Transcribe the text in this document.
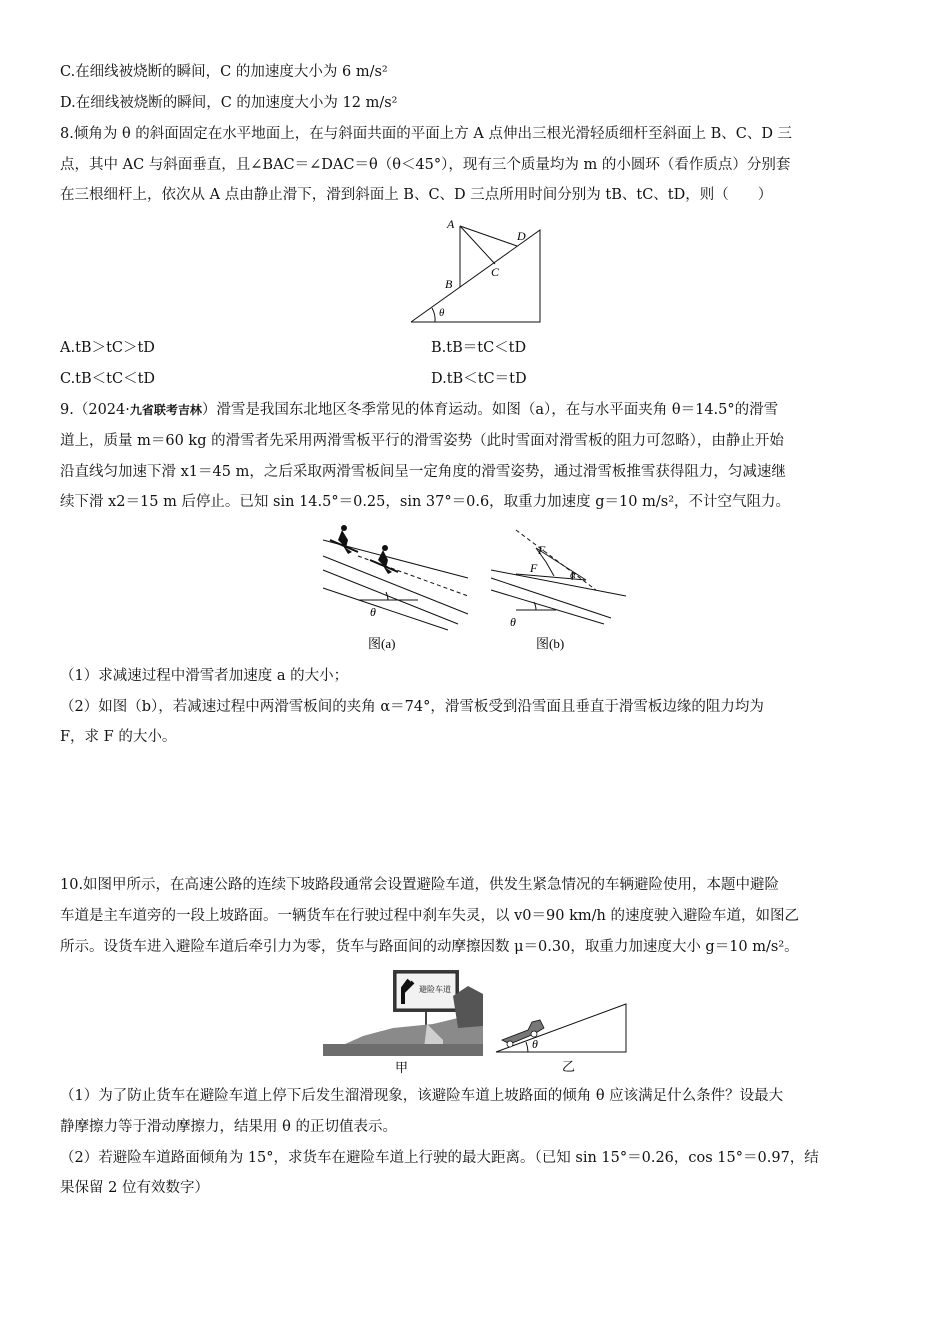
C.在细线被烧断的瞬间，C 的加速度大小为 6 m/s²
D.在细线被烧断的瞬间，C 的加速度大小为 12 m/s²
8.倾角为 θ 的斜面固定在水平地面上，在与斜面共面的平面上方 A 点伸出三根光滑轻质细杆至斜面上 B、C、D 三
点，其中 AC 与斜面垂直，且∠BAC＝∠DAC＝θ（θ＜45°），现有三个质量均为 m 的小圆环（看作质点）分别套
在三根细杆上，依次从 A 点由静止滑下，滑到斜面上 B、C、D 三点所用时间分别为 tB、tC、tD，则（　　）
A
B
C
D
θ
A.tB＞tC＞tD	B.tB＝tC＜tD
C.tB＜tC＜tD	D.tB＜tC＝tD
9.（2024·九省联考吉林）滑雪是我国东北地区冬季常见的体育运动。如图（a），在与水平面夹角 θ＝14.5°的滑雪
道上，质量 m＝60 kg 的滑雪者先采用两滑雪板平行的滑雪姿势（此时雪面对滑雪板的阻力可忽略），由静止开始
沿直线匀加速下滑 x1＝45 m，之后采取两滑雪板间呈一定角度的滑雪姿势，通过滑雪板推雪获得阻力，匀减速继
续下滑 x2＝15 m 后停止。已知 sin 14.5°＝0.25，sin 37°＝0.6，取重力加速度 g＝10 m/s²，不计空气阻力。
θ
图(a)
F
F	α
θ
图(b)
（1）求减速过程中滑雪者加速度 a 的大小；
（2）如图（b），若减速过程中两滑雪板间的夹角 α＝74°，滑雪板受到沿雪面且垂直于滑雪板边缘的阻力均为
F，求 F 的大小。
10.如图甲所示，在高速公路的连续下坡路段通常会设置避险车道，供发生紧急情况的车辆避险使用，本题中避险
车道是主车道旁的一段上坡路面。一辆货车在行驶过程中刹车失灵，以 v0＝90 km/h 的速度驶入避险车道，如图乙
所示。设货车进入避险车道后牵引力为零，货车与路面间的动摩擦因数 μ＝0.30，取重力加速度大小 g＝10 m/s²。
避险车道
甲
θ
乙
（1）为了防止货车在避险车道上停下后发生溜滑现象，该避险车道上坡路面的倾角 θ 应该满足什么条件？设最大
静摩擦力等于滑动摩擦力，结果用 θ 的正切值表示。
（2）若避险车道路面倾角为 15°，求货车在避险车道上行驶的最大距离。（已知 sin 15°＝0.26，cos 15°＝0.97，结
果保留 2 位有效数字）
